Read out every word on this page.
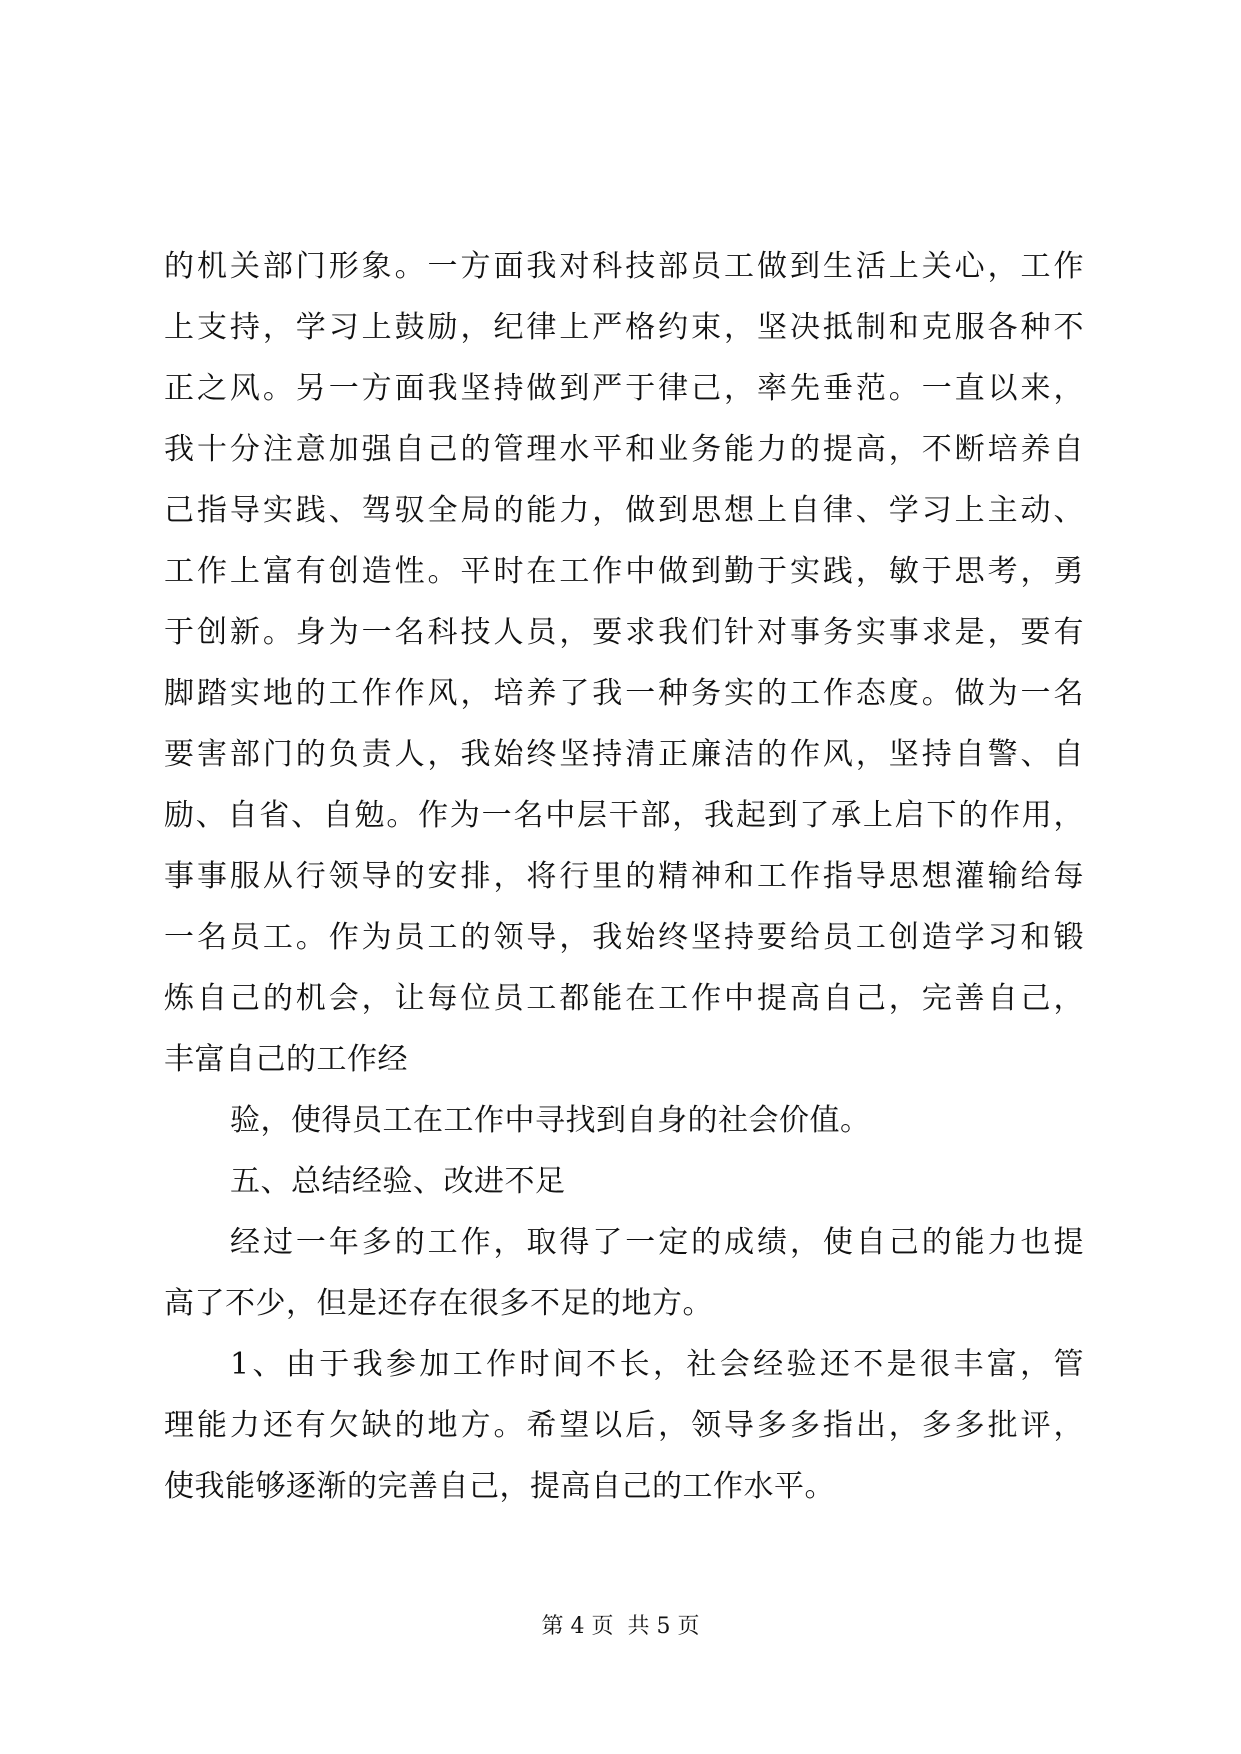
的机关部门形象。一方面我对科技部员工做到生活上关心，工作
上支持，学习上鼓励，纪律上严格约束，坚决抵制和克服各种不
正之风。另一方面我坚持做到严于律己，率先垂范。一直以来，
我十分注意加强自己的管理水平和业务能力的提高，不断培养自
己指导实践、驾驭全局的能力，做到思想上自律、学习上主动、
工作上富有创造性。平时在工作中做到勤于实践，敏于思考，勇
于创新。身为一名科技人员，要求我们针对事务实事求是，要有
脚踏实地的工作作风，培养了我一种务实的工作态度。做为一名
要害部门的负责人，我始终坚持清正廉洁的作风，坚持自警、自
励、自省、自勉。作为一名中层干部，我起到了承上启下的作用，
事事服从行领导的安排，将行里的精神和工作指导思想灌输给每
一名员工。作为员工的领导，我始终坚持要给员工创造学习和锻
炼自己的机会，让每位员工都能在工作中提高自己，完善自己，
丰富自己的工作经
验，使得员工在工作中寻找到自身的社会价值。
五、总结经验、改进不足
经过一年多的工作，取得了一定的成绩，使自己的能力也提
高了不少，但是还存在很多不足的地方。
1、由于我参加工作时间不长，社会经验还不是很丰富，管
理能力还有欠缺的地方。希望以后，领导多多指出，多多批评，
使我能够逐渐的完善自己，提高自己的工作水平。
第 4 页  共 5 页
